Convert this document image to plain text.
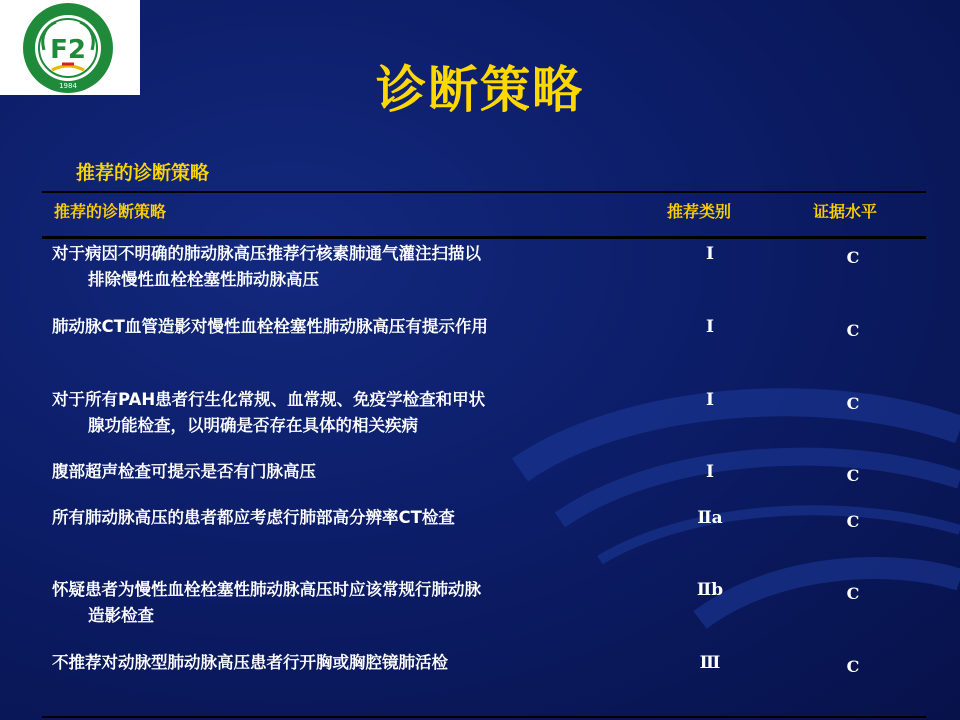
F2
1984	诊断策略
推荐的诊断策略
推荐的诊断策略	推荐类别	证据水平
对于病因不明确的肺动脉高压推荐行核素肺通气灌注扫描以
排除慢性血栓栓塞性肺动脉高压
Ⅰ	C
肺动脉CT血管造影对慢性血栓栓塞性肺动脉高压有提示作用	Ⅰ	C
对于所有PAH患者行生化常规、血常规、免疫学检查和甲状
腺功能检查，以明确是否存在具体的相关疾病
Ⅰ	C
腹部超声检查可提示是否有门脉高压	Ⅰ	C
所有肺动脉高压的患者都应考虑行肺部高分辨率CT检查	Ⅱa	C
怀疑患者为慢性血栓栓塞性肺动脉高压时应该常规行肺动脉
造影检查
Ⅱb	C
不推荐对动脉型肺动脉高压患者行开胸或胸腔镜肺活检	Ⅲ	C
